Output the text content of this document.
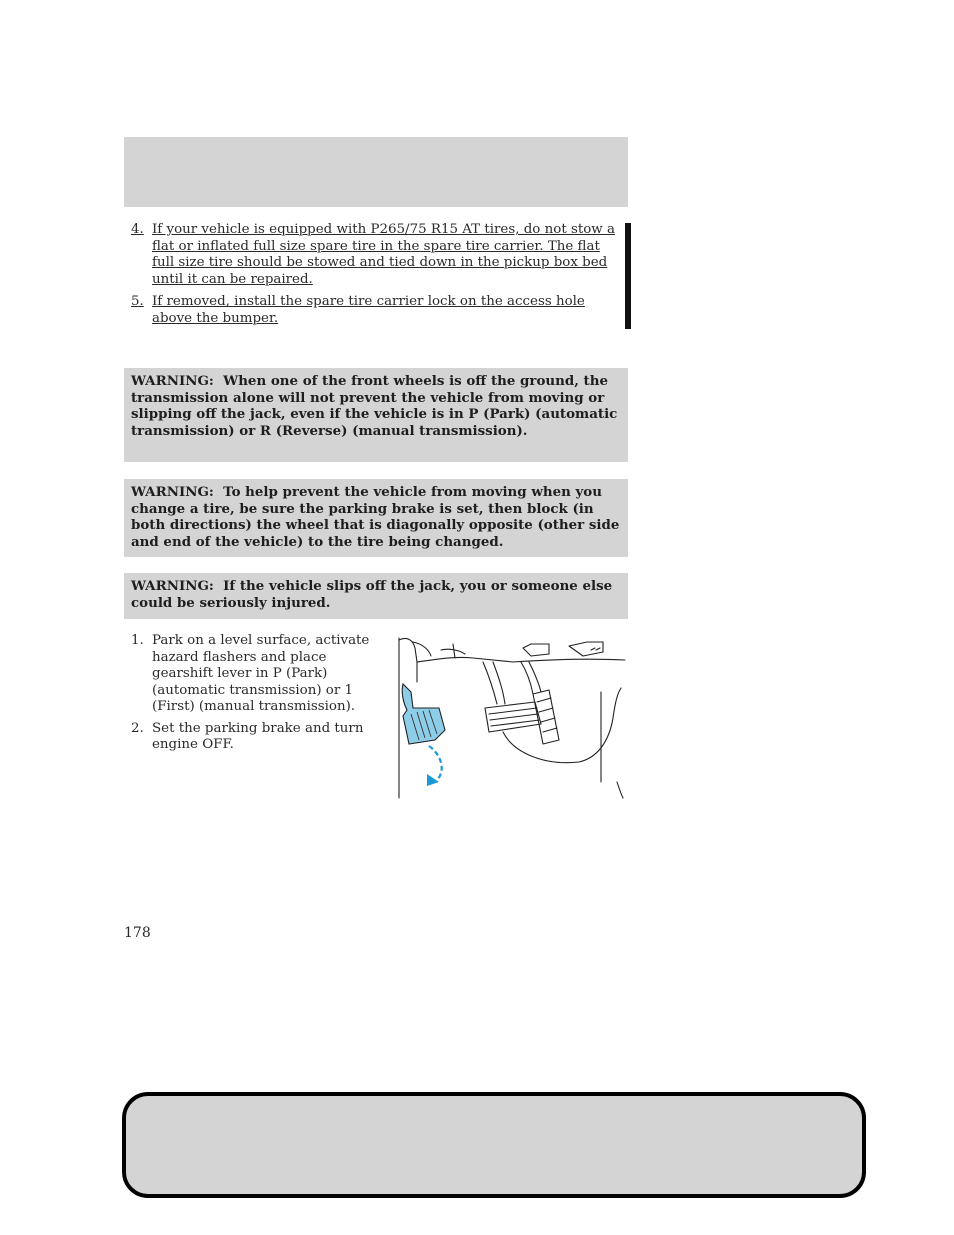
4. If your vehicle is equipped with P265/75 R15 AT tires, do not stow a flat or inflated full size spare tire in the spare tire carrier. The flat full size tire should be stowed and tied down in the pickup box bed until it can be repaired.
5. If removed, install the spare tire carrier lock on the access hole above the bumper.
WARNING: When one of the front wheels is off the ground, the transmission alone will not prevent the vehicle from moving or slipping off the jack, even if the vehicle is in P (Park) (automatic transmission) or R (Reverse) (manual transmission).
WARNING: To help prevent the vehicle from moving when you change a tire, be sure the parking brake is set, then block (in both directions) the wheel that is diagonally opposite (other side and end of the vehicle) to the tire being changed.
WARNING: If the vehicle slips off the jack, you or someone else could be seriously injured.
1. Park on a level surface, activate hazard flashers and place gearshift lever in P (Park) (automatic transmission) or 1 (First) (manual transmission).
2. Set the parking brake and turn engine OFF.
178
